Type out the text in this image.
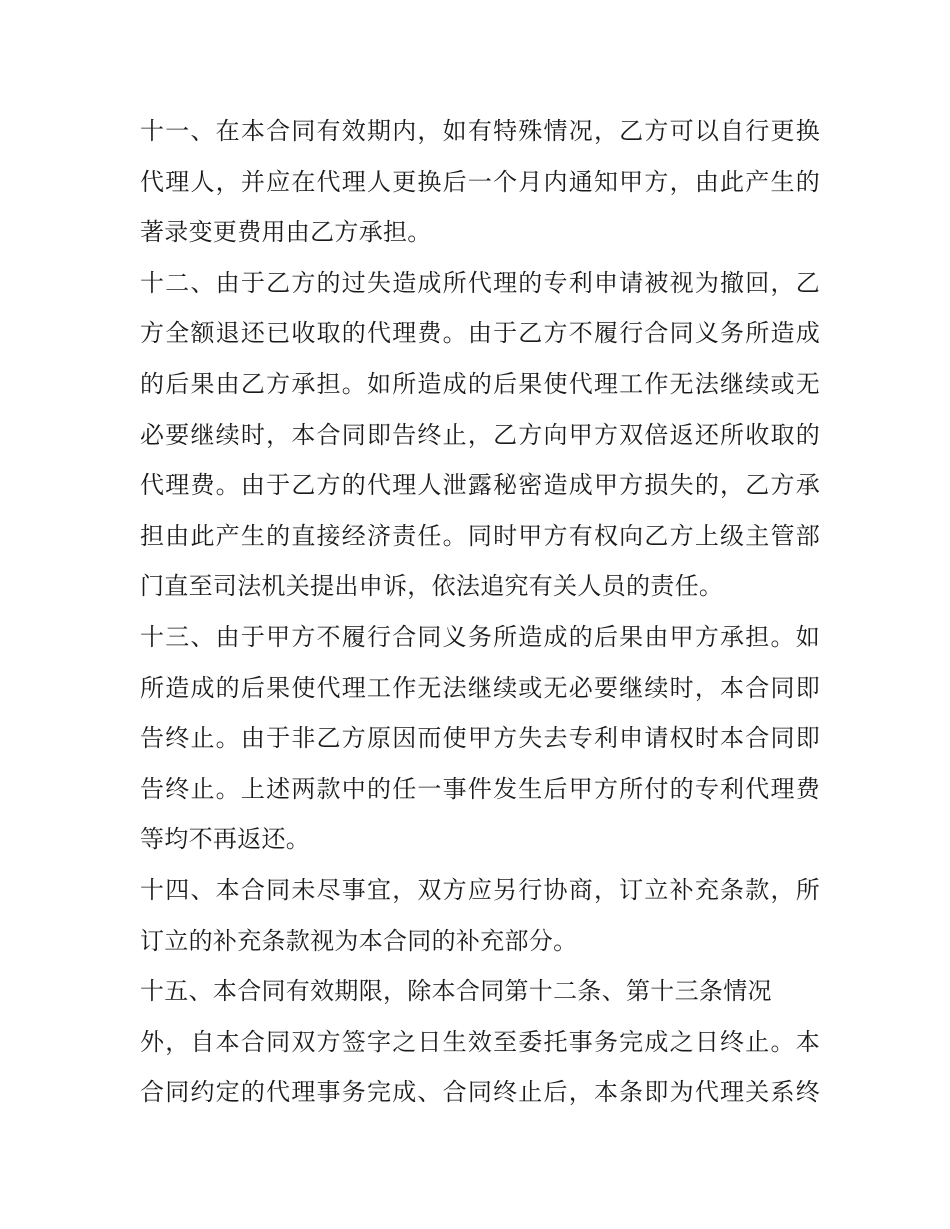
十一、在本合同有效期内，如有特殊情况，乙方可以自行更换
代理人，并应在代理人更换后一个月内通知甲方，由此产生的
著录变更费用由乙方承担。
十二、由于乙方的过失造成所代理的专利申请被视为撤回，乙
方全额退还已收取的代理费。由于乙方不履行合同义务所造成
的后果由乙方承担。如所造成的后果使代理工作无法继续或无
必要继续时，本合同即告终止，乙方向甲方双倍返还所收取的
代理费。由于乙方的代理人泄露秘密造成甲方损失的，乙方承
担由此产生的直接经济责任。同时甲方有权向乙方上级主管部
门直至司法机关提出申诉，依法追究有关人员的责任。
十三、由于甲方不履行合同义务所造成的后果由甲方承担。如
所造成的后果使代理工作无法继续或无必要继续时，本合同即
告终止。由于非乙方原因而使甲方失去专利申请权时本合同即
告终止。上述两款中的任一事件发生后甲方所付的专利代理费
等均不再返还。
十四、本合同未尽事宜，双方应另行协商，订立补充条款，所
订立的补充条款视为本合同的补充部分。
十五、本合同有效期限，除本合同第十二条、第十三条情况
外，自本合同双方签字之日生效至委托事务完成之日终止。本
合同约定的代理事务完成、合同终止后，本条即为代理关系终
